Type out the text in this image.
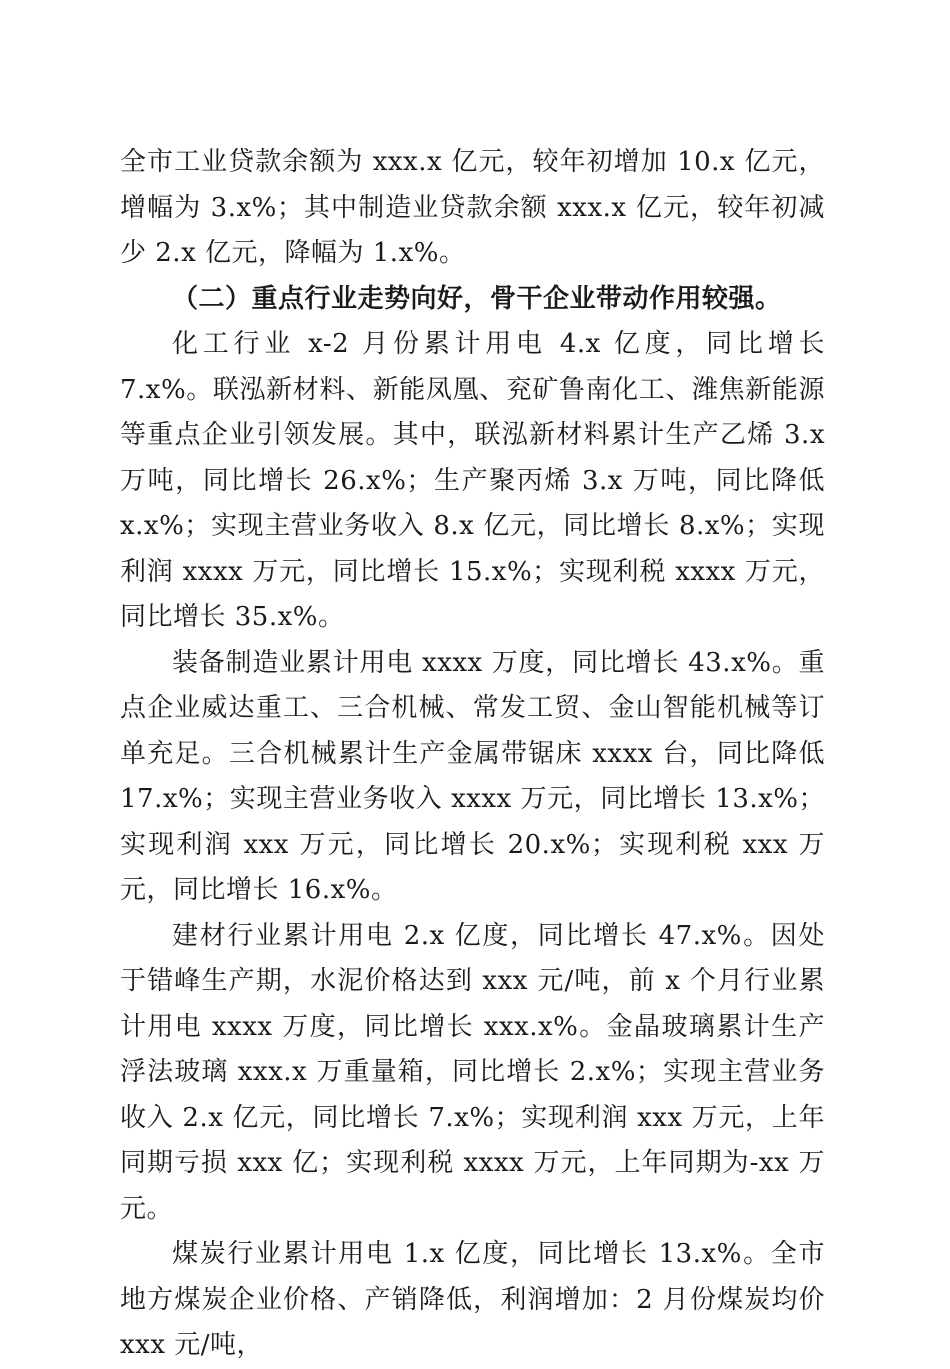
全市工业贷款余额为 xxx.x 亿元，较年初增加 10.x 亿元，增幅为 3.x%；其中制造业贷款余额 xxx.x 亿元，较年初减少 2.x 亿元，降幅为 1.x%。

（二）重点行业走势向好，骨干企业带动作用较强。

化工行业 x-2 月份累计用电 4.x 亿度，同比增长 7.x%。联泓新材料、新能凤凰、兖矿鲁南化工、潍焦新能源等重点企业引领发展。其中，联泓新材料累计生产乙烯 3.x 万吨，同比增长 26.x%；生产聚丙烯 3.x 万吨，同比降低 x.x%；实现主营业务收入 8.x 亿元，同比增长 8.x%；实现利润 xxxx 万元，同比增长 15.x%；实现利税 xxxx 万元，同比增长 35.x%。

装备制造业累计用电 xxxx 万度，同比增长 43.x%。重点企业威达重工、三合机械、常发工贸、金山智能机械等订单充足。三合机械累计生产金属带锯床 xxxx 台，同比降低 17.x%；实现主营业务收入 xxxx 万元，同比增长 13.x%；实现利润 xxx 万元，同比增长 20.x%；实现利税 xxx 万元，同比增长 16.x%。

建材行业累计用电 2.x 亿度，同比增长 47.x%。因处于错峰生产期，水泥价格达到 xxx 元/吨，前 x 个月行业累计用电 xxxx 万度，同比增长 xxx.x%。金晶玻璃累计生产浮法玻璃 xxx.x 万重量箱，同比增长 2.x%；实现主营业务收入 2.x 亿元，同比增长 7.x%；实现利润 xxx 万元，上年同期亏损 xxx 亿；实现利税 xxxx 万元，上年同期为-xx 万元。

煤炭行业累计用电 1.x 亿度，同比增长 13.x%。全市地方煤炭企业价格、产销降低，利润增加：2 月份煤炭均价 xxx 元/吨，
